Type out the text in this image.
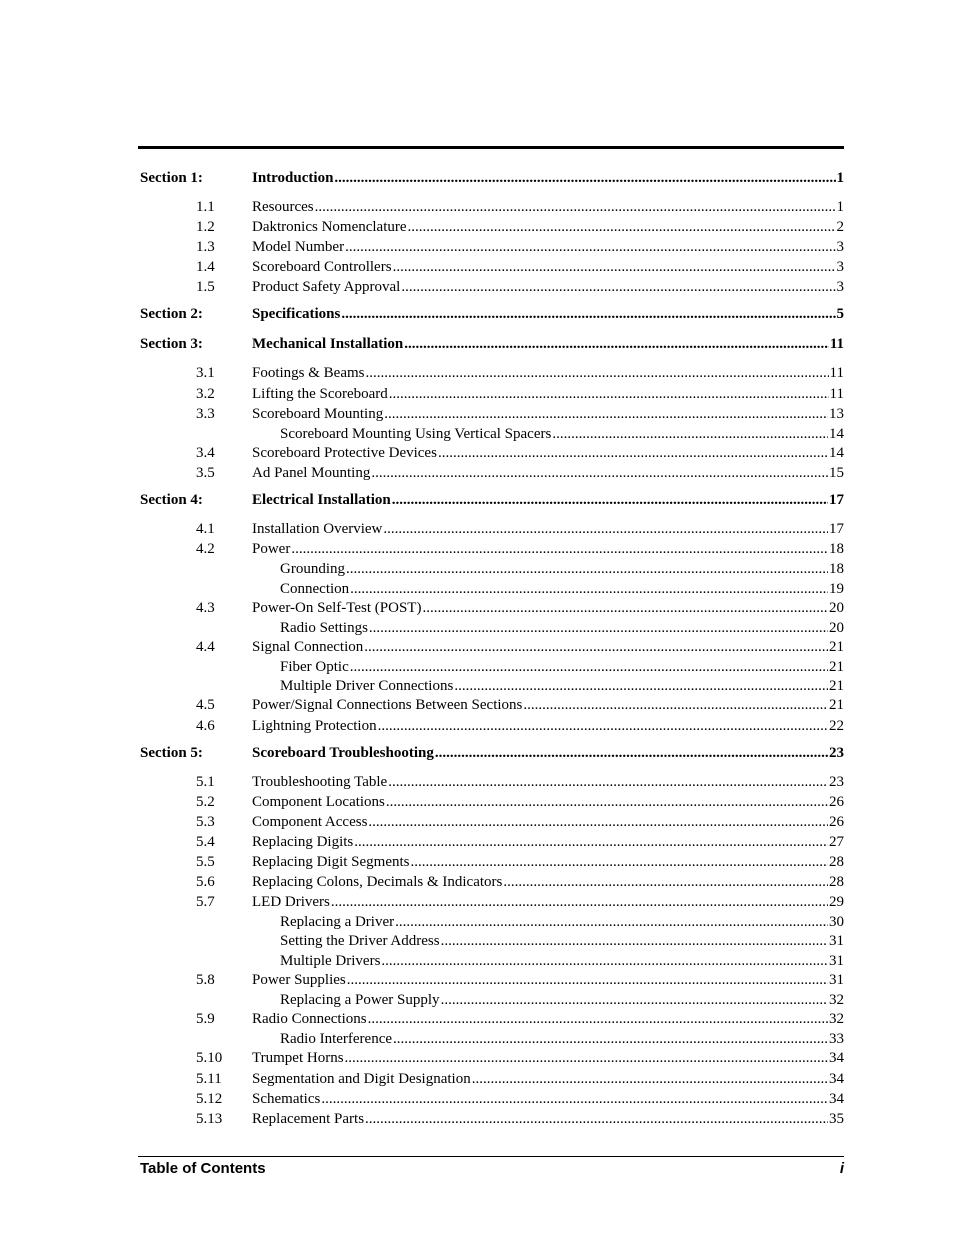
Section 1:	Introduction .....	1
1.1 Resources .....	1
1.2 Daktronics Nomenclature .....	2
1.3 Model Number .....	3
1.4 Scoreboard Controllers .....	3
1.5 Product Safety Approval .....	3
Section 2:	Specifications .....	5
Section 3:	Mechanical Installation .....	11
3.1 Footings & Beams .....	11
3.2 Lifting the Scoreboard .....	11
3.3 Scoreboard Mounting .....	13
Scoreboard Mounting Using Vertical Spacers .....	14
3.4 Scoreboard Protective Devices .....	14
3.5 Ad Panel Mounting .....	15
Section 4:	Electrical Installation .....	17
4.1 Installation Overview .....	17
4.2 Power .....	18
Grounding .....	18
Connection .....	19
4.3 Power-On Self-Test (POST) .....	20
Radio Settings .....	20
4.4 Signal Connection .....	21
Fiber Optic .....	21
Multiple Driver Connections .....	21
4.5 Power/Signal Connections Between Sections .....	21
4.6 Lightning Protection .....	22
Section 5:	Scoreboard Troubleshooting .....	23
5.1 Troubleshooting Table .....	23
5.2 Component Locations .....	26
5.3 Component Access .....	26
5.4 Replacing Digits .....	27
5.5 Replacing Digit Segments .....	28
5.6 Replacing Colons, Decimals & Indicators .....	28
5.7 LED Drivers .....	29
Replacing a Driver .....	30
Setting the Driver Address .....	31
Multiple Drivers .....	31
5.8 Power Supplies .....	31
Replacing a Power Supply .....	32
5.9 Radio Connections .....	32
Radio Interference .....	33
5.10 Trumpet Horns .....	34
5.11 Segmentation and Digit Designation .....	34
5.12 Schematics .....	34
5.13 Replacement Parts .....	35
Table of Contents	i
